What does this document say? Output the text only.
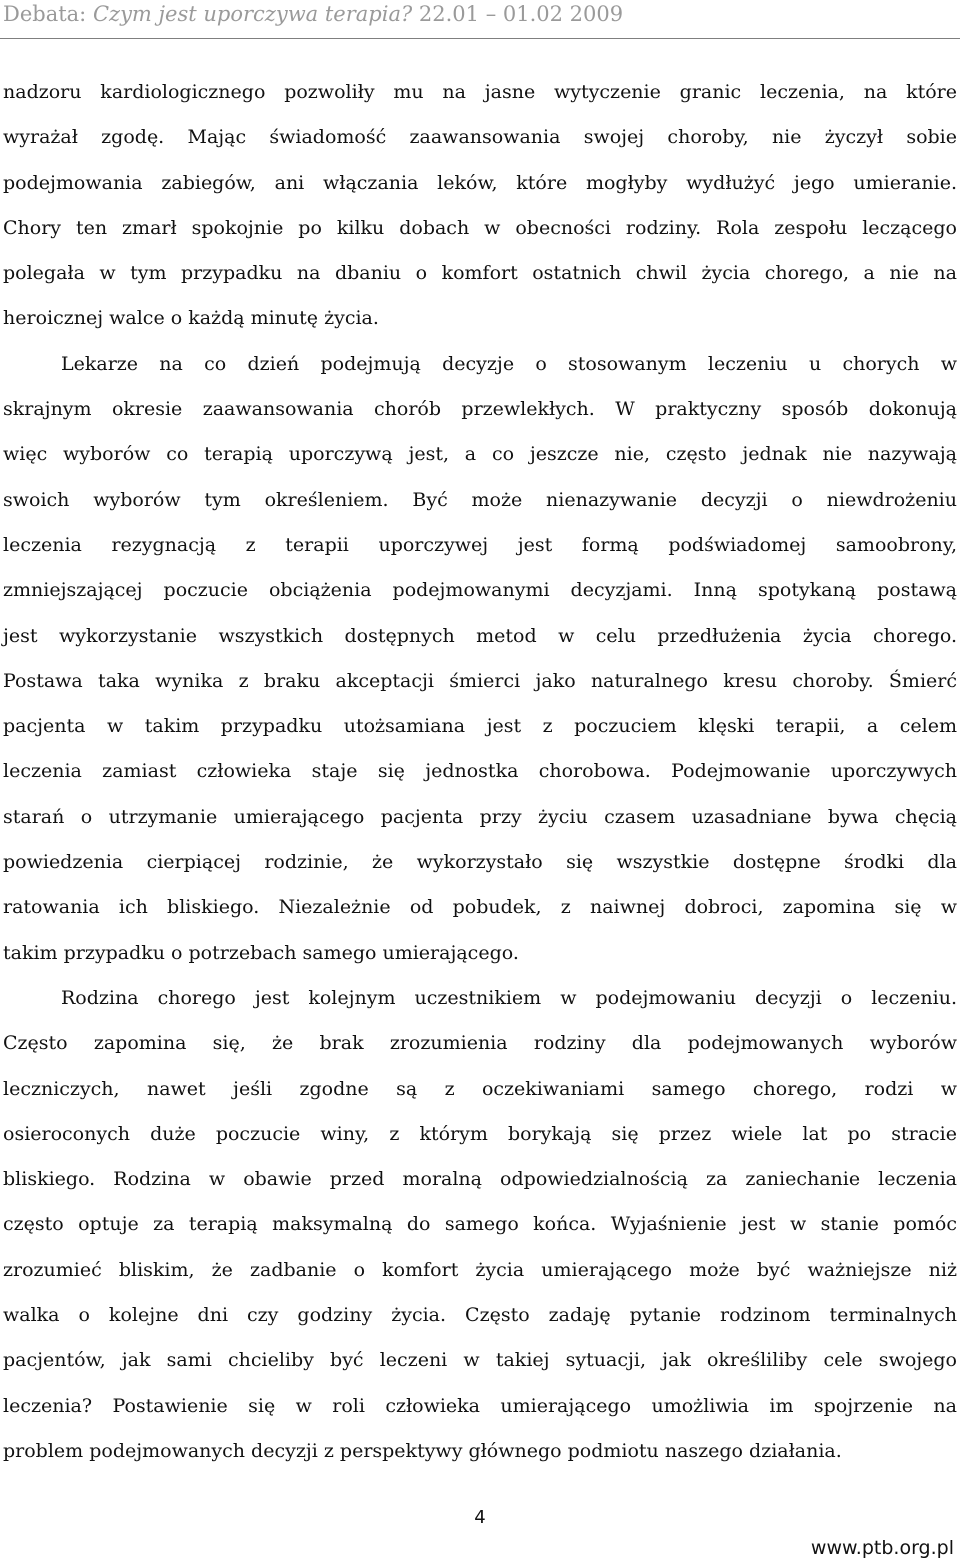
Debata: Czym jest uporczywa terapia? 22.01 – 01.02 2009
nadzoru kardiologicznego pozwoliły mu na jasne wytyczenie granic leczenia, na które
wyrażał zgodę. Mając świadomość zaawansowania swojej choroby, nie życzył sobie
podejmowania zabiegów, ani włączania leków, które mogłyby wydłużyć jego umieranie.
Chory ten zmarł spokojnie po kilku dobach w obecności rodziny. Rola zespołu leczącego
polegała w tym przypadku na dbaniu o komfort ostatnich chwil życia chorego, a nie na
heroicznej walce o każdą minutę życia.
Lekarze na co dzień podejmują decyzje o stosowanym leczeniu u chorych w
skrajnym okresie zaawansowania chorób przewlekłych. W praktyczny sposób dokonują
więc wyborów co terapią uporczywą jest, a co jeszcze nie, często jednak nie nazywają
swoich wyborów tym określeniem. Być może nienazywanie decyzji o niewdrożeniu
leczenia rezygnacją z terapii uporczywej jest formą podświadomej samoobrony,
zmniejszającej poczucie obciążenia podejmowanymi decyzjami. Inną spotykaną postawą
jest wykorzystanie wszystkich dostępnych metod w celu przedłużenia życia chorego.
Postawa taka wynika z braku akceptacji śmierci jako naturalnego kresu choroby. Śmierć
pacjenta w takim przypadku utożsamiana jest z poczuciem klęski terapii, a celem
leczenia zamiast człowieka staje się jednostka chorobowa. Podejmowanie uporczywych
starań o utrzymanie umierającego pacjenta przy życiu czasem uzasadniane bywa chęcią
powiedzenia cierpiącej rodzinie, że wykorzystało się wszystkie dostępne środki dla
ratowania ich bliskiego. Niezależnie od pobudek, z naiwnej dobroci, zapomina się w
takim przypadku o potrzebach samego umierającego.
Rodzina chorego jest kolejnym uczestnikiem w podejmowaniu decyzji o leczeniu.
Często zapomina się, że brak zrozumienia rodziny dla podejmowanych wyborów
leczniczych, nawet jeśli zgodne są z oczekiwaniami samego chorego, rodzi w
osieroconych duże poczucie winy, z którym borykają się przez wiele lat po stracie
bliskiego. Rodzina w obawie przed moralną odpowiedzialnością za zaniechanie leczenia
często optuje za terapią maksymalną do samego końca. Wyjaśnienie jest w stanie pomóc
zrozumieć bliskim, że zadbanie o komfort życia umierającego może być ważniejsze niż
walka o kolejne dni czy godziny życia. Często zadaję pytanie rodzinom terminalnych
pacjentów, jak sami chcieliby być leczeni w takiej sytuacji, jak określiliby cele swojego
leczenia? Postawienie się w roli człowieka umierającego umożliwia im spojrzenie na
problem podejmowanych decyzji z perspektywy głównego podmiotu naszego działania.
4
www.ptb.org.pl
